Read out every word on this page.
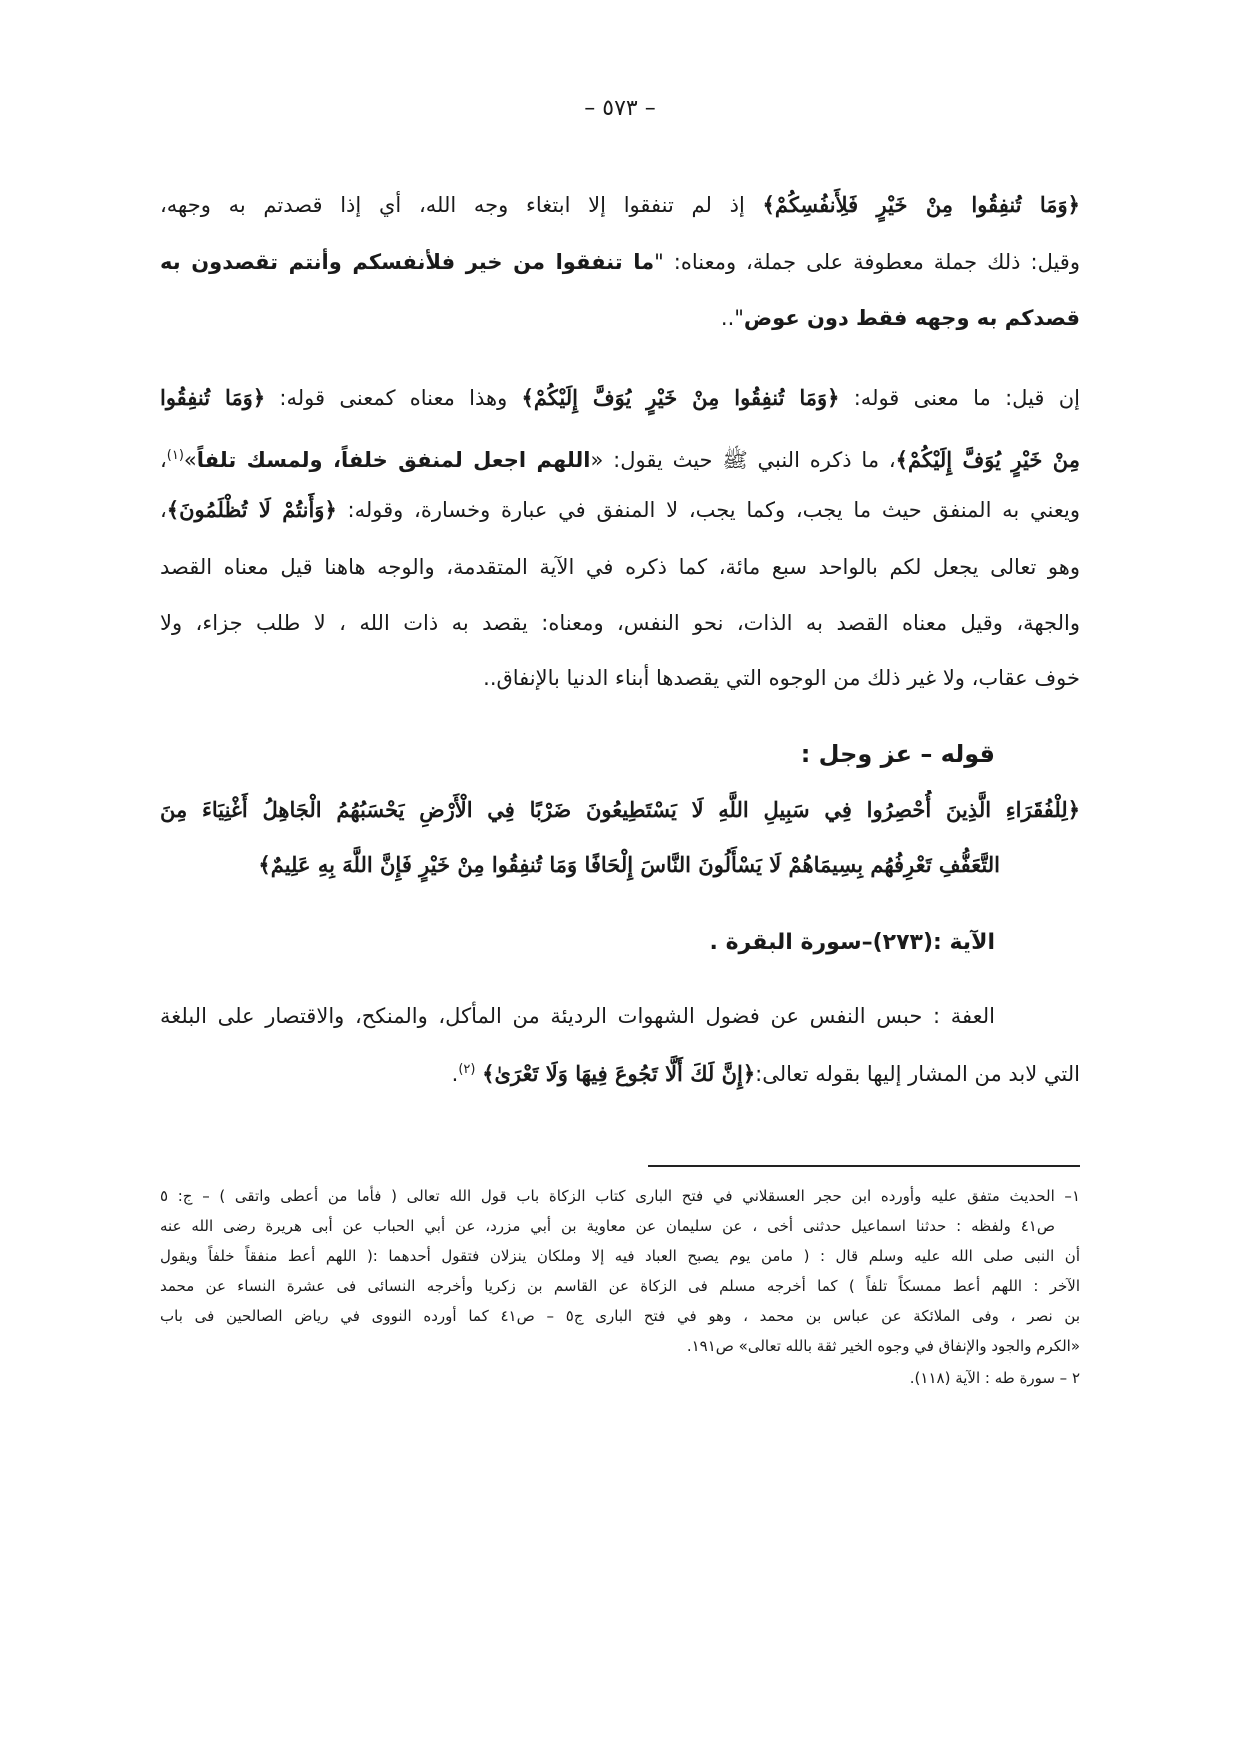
– ٥٧٣ –
﴿وَمَا تُنفِقُوا مِنْ خَيْرٍ فَلِأَنفُسِكُمْ﴾ إذ لم تنفقوا إلا ابتغاء وجه الله، أي إذا قصدتم به وجهه،
وقيل: ذلك جملة معطوفة على جملة، ومعناه: "ما تنفقوا من خير فلأنفسكم وأنتم تقصدون به
قصدكم به وجهه فقط دون عوض"..
إن قيل: ما معنى قوله: ﴿وَمَا تُنفِقُوا مِنْ خَيْرٍ يُوَفَّ إِلَيْكُمْ﴾ وهذا معناه كمعنى قوله: ﴿وَمَا تُنفِقُوا
مِنْ خَيْرٍ يُوَفَّ إِلَيْكُمْ﴾، ما ذكره النبي ﷺ حيث يقول: «اللهم اجعل لمنفق خلفاً، ولمسك تلفاً»$^{(١)}$،
ويعني به المنفق حيث ما يجب، وكما يجب، لا المنفق في عبارة وخسارة، وقوله: ﴿وَأَنتُمْ لَا تُظْلَمُونَ﴾،
وهو تعالى يجعل لكم بالواحد سبع مائة، كما ذكره في الآية المتقدمة، والوجه هاهنا قيل معناه القصد
والجهة، وقيل معناه القصد به الذات، نحو النفس، ومعناه: يقصد به ذات الله ، لا طلب جزاء، ولا
خوف عقاب، ولا غير ذلك من الوجوه التي يقصدها أبناء الدنيا بالإنفاق..
قوله – عز وجل :
﴿لِلْفُقَرَاءِ الَّذِينَ أُحْصِرُوا فِي سَبِيلِ اللَّهِ لَا يَسْتَطِيعُونَ ضَرْبًا فِي الْأَرْضِ يَحْسَبُهُمُ الْجَاهِلُ أَغْنِيَاءَ مِنَ
التَّعَفُّفِ تَعْرِفُهُم بِسِيمَاهُمْ لَا يَسْأَلُونَ النَّاسَ إِلْحَافًا وَمَا تُنفِقُوا مِنْ خَيْرٍ فَإِنَّ اللَّهَ بِهِ عَلِيمٌ﴾
الآية :(٢٧٣)–سورة البقرة .
العفة : حبس النفس عن فضول الشهوات الرديئة من المأكل، والمنكح، والاقتصار على البلغة
التي لابد من المشار إليها بقوله تعالى:﴿إِنَّ لَكَ أَلَّا تَجُوعَ فِيهَا وَلَا تَعْرَىٰ﴾ $^{(٢)}$.
١– الحديث متفق عليه وأورده ابن حجر العسقلاني في فتح البارى كتاب الزكاة باب قول الله تعالى ( فأما من أعطى واتقى ) – ج: ٥
ص٤١ ولفظه : حدثنا اسماعيل حدثنى أخى ، عن سليمان عن معاوية بن أبي مزرد، عن أبي الحباب عن أبى هريرة رضى الله عنه
أن النبى صلى الله عليه وسلم قال : ( مامن يوم يصبح العباد فيه إلا وملكان ينزلان فتقول أحدهما :( اللهم أعط منفقاً خلفاً ويقول
الآخر : اللهم أعط ممسكاً تلفاً ) كما أخرجه مسلم فى الزكاة عن القاسم بن زكريا وأخرجه النسائى فى عشرة النساء عن محمد
بن نصر ، وفى الملائكة عن عباس بن محمد ، وهو في فتح البارى ج٥ – ص٤١ كما أورده النووى في رياض الصالحين فى باب
«الكرم والجود والإنفاق في وجوه الخير ثقة بالله تعالى» ص١٩١.
٢ – سورة طه : الآية (١١٨).
